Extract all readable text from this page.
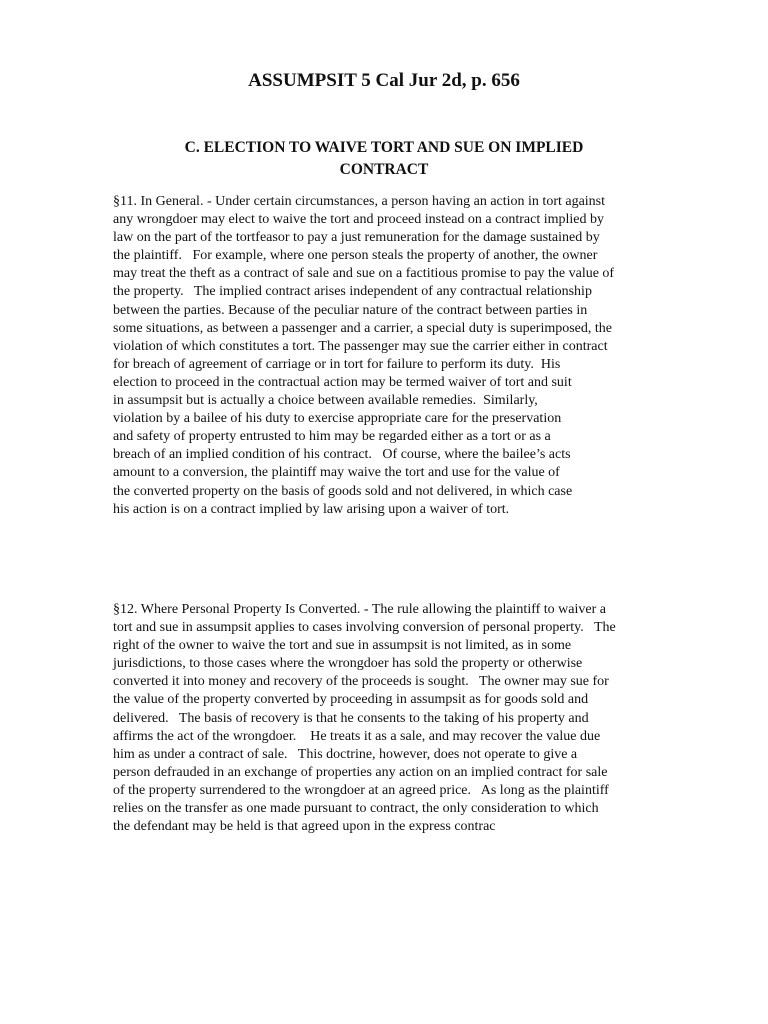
ASSUMPSIT 5 Cal Jur 2d, p. 656
C. ELECTION TO WAIVE TORT AND SUE ON IMPLIED
CONTRACT

§11. In General. - Under certain circumstances, a person having an action in tort against
any wrongdoer may elect to waive the tort and proceed instead on a contract implied by
law on the part of the tortfeasor to pay a just remuneration for the damage sustained by
the plaintiff.   For example, where one person steals the property of another, the owner
may treat the theft as a contract of sale and sue on a factitious promise to pay the value of
the property.   The implied contract arises independent of any contractual relationship
between the parties. Because of the peculiar nature of the contract between parties in
some situations, as between a passenger and a carrier, a special duty is superimposed, the
violation of which constitutes a tort. The passenger may sue the carrier either in contract
for breach of agreement of carriage or in tort for failure to perform its duty.  His
election to proceed in the contractual action may be termed waiver of tort and suit
in assumpsit but is actually a choice between available remedies.  Similarly,
violation by a bailee of his duty to exercise appropriate care for the preservation
and safety of property entrusted to him may be regarded either as a tort or as a
breach of an implied condition of his contract.   Of course, where the bailee’s acts
amount to a conversion, the plaintiff may waive the tort and use for the value of
the converted property on the basis of goods sold and not delivered, in which case
his action is on a contract implied by law arising upon a waiver of tort.

§12. Where Personal Property Is Converted. - The rule allowing the plaintiff to waiver a
tort and sue in assumpsit applies to cases involving conversion of personal property.   The
right of the owner to waive the tort and sue in assumpsit is not limited, as in some
jurisdictions, to those cases where the wrongdoer has sold the property or otherwise
converted it into money and recovery of the proceeds is sought.   The owner may sue for
the value of the property converted by proceeding in assumpsit as for goods sold and
delivered.   The basis of recovery is that he consents to the taking of his property and
affirms the act of the wrongdoer.    He treats it as a sale, and may recover the value due
him as under a contract of sale.   This doctrine, however, does not operate to give a
person defrauded in an exchange of properties any action on an implied contract for sale
of the property surrendered to the wrongdoer at an agreed price.   As long as the plaintiff
relies on the transfer as one made pursuant to contract, the only consideration to which
the defendant may be held is that agreed upon in the express contrac
